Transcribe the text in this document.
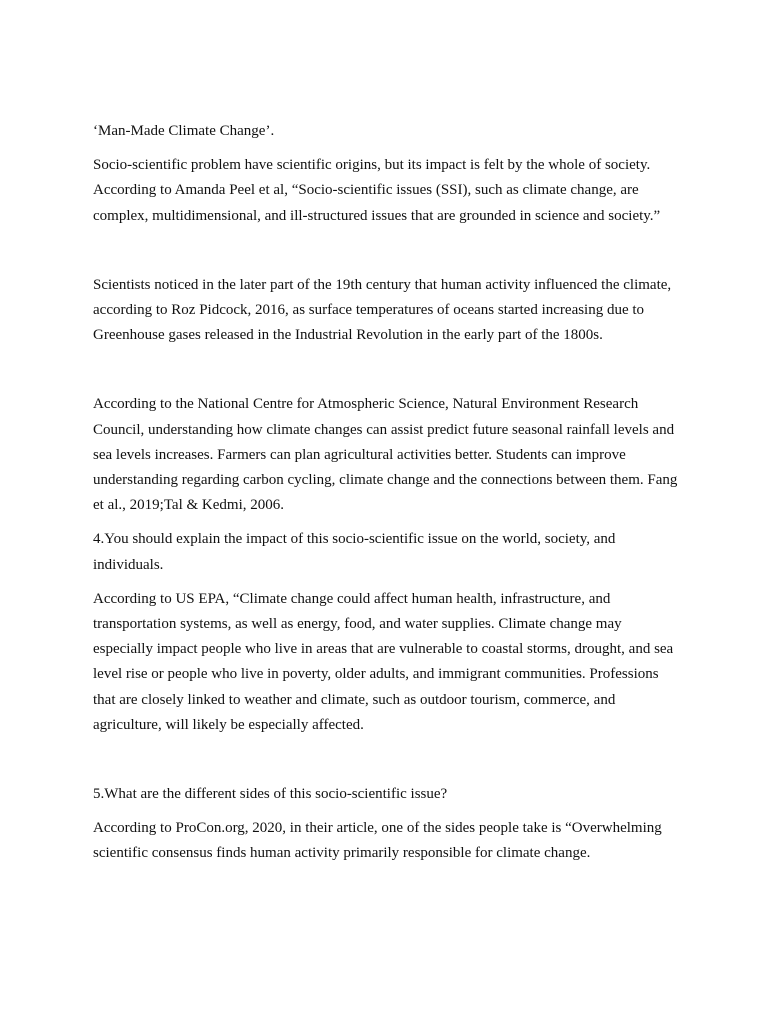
‘Man-Made Climate Change’.

Socio-scientific problem have scientific origins, but its impact is felt by the whole of society. According to Amanda Peel et al, “Socio-scientific issues (SSI), such as climate change, are complex, multidimensional, and ill-structured issues that are grounded in science and society.”

Scientists noticed in the later part of the 19th century that human activity influenced the climate, according to Roz Pidcock, 2016, as surface temperatures of oceans started increasing due to Greenhouse gases released in the Industrial Revolution in the early part of the 1800s.

According to the National Centre for Atmospheric Science, Natural Environment Research Council, understanding how climate changes can assist predict future seasonal rainfall levels and sea levels increases. Farmers can plan agricultural activities better. Students can improve understanding regarding carbon cycling, climate change and the connections between them. Fang et al., 2019;Tal & Kedmi, 2006.

4.You should explain the impact of this socio-scientific issue on the world, society, and individuals.

According to US EPA, “Climate change could affect human health, infrastructure, and transportation systems, as well as energy, food, and water supplies. Climate change may especially impact people who live in areas that are vulnerable to coastal storms, drought, and sea level rise or people who live in poverty, older adults, and immigrant communities. Professions that are closely linked to weather and climate, such as outdoor tourism, commerce, and agriculture, will likely be especially affected.

5.What are the different sides of this socio-scientific issue?

According to ProCon.org, 2020, in their article, one of the sides people take is “Overwhelming scientific consensus finds human activity primarily responsible for climate change.
